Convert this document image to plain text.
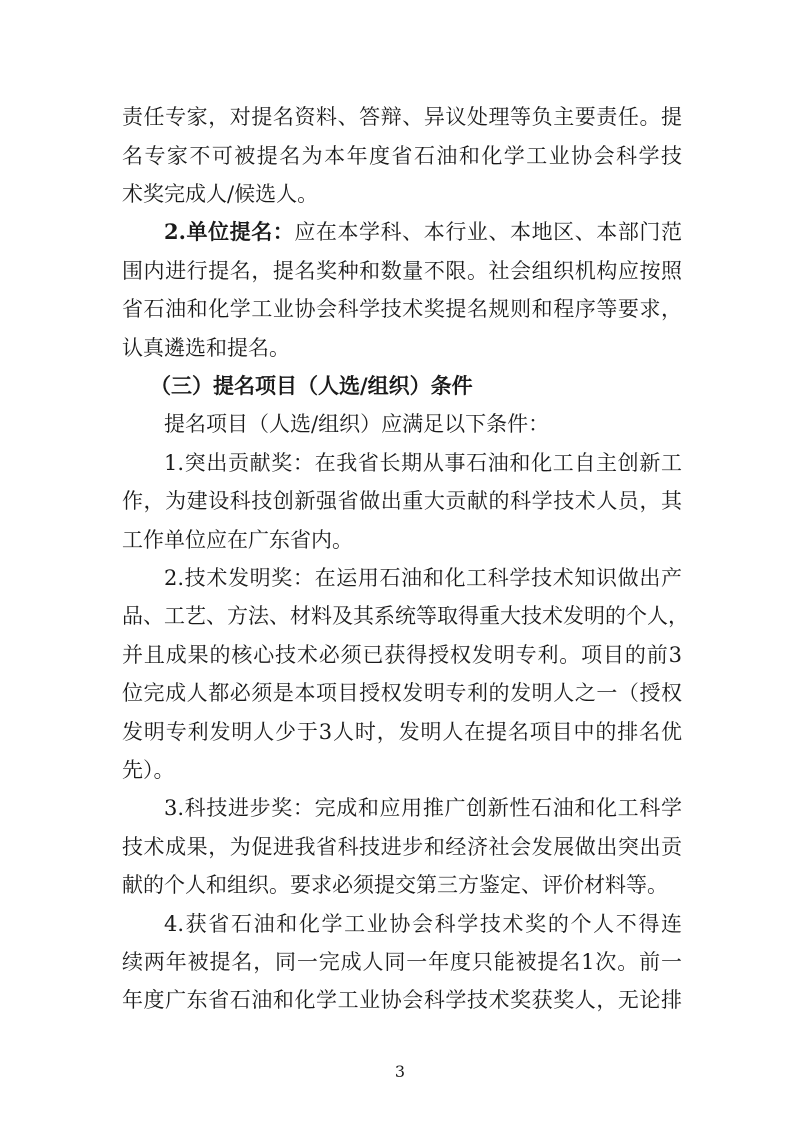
责任专家，对提名资料、答辩、异议处理等负主要责任。提
名专家不可被提名为本年度省石油和化学工业协会科学技
术奖完成人/候选人。
2.单位提名：应在本学科、本行业、本地区、本部门范
围内进行提名，提名奖种和数量不限。社会组织机构应按照
省石油和化学工业协会科学技术奖提名规则和程序等要求，
认真遴选和提名。
（三）提名项目（人选/组织）条件
提名项目（人选/组织）应满足以下条件：
1.突出贡献奖：在我省长期从事石油和化工自主创新工
作，为建设科技创新强省做出重大贡献的科学技术人员，其
工作单位应在广东省内。
2.技术发明奖：在运用石油和化工科学技术知识做出产
品、工艺、方法、材料及其系统等取得重大技术发明的个人，
并且成果的核心技术必须已获得授权发明专利。项目的前3
位完成人都必须是本项目授权发明专利的发明人之一（授权
发明专利发明人少于3人时，发明人在提名项目中的排名优
先）。
3.科技进步奖：完成和应用推广创新性石油和化工科学
技术成果，为促进我省科技进步和经济社会发展做出突出贡
献的个人和组织。要求必须提交第三方鉴定、评价材料等。
4.获省石油和化学工业协会科学技术奖的个人不得连
续两年被提名，同一完成人同一年度只能被提名1次。前一
年度广东省石油和化学工业协会科学技术奖获奖人，无论排
3
